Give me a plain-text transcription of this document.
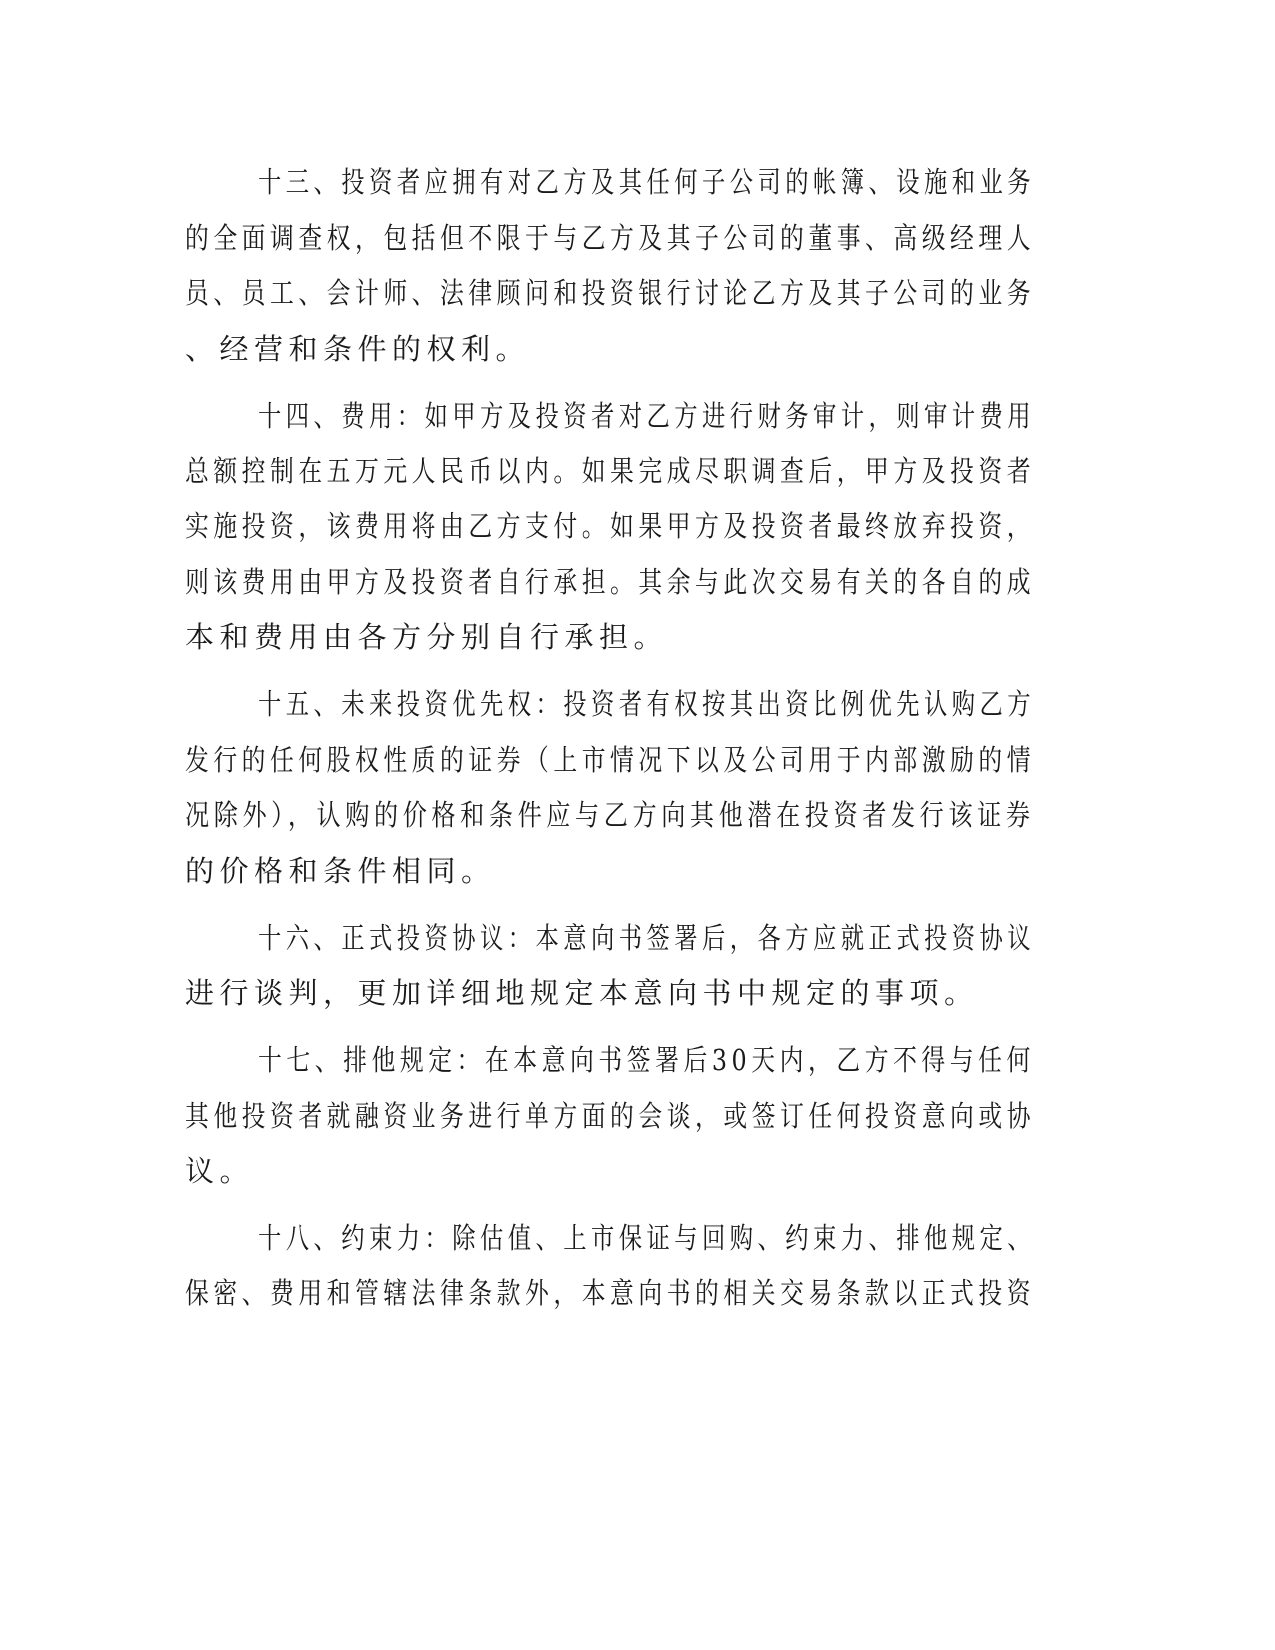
十三、投资者应拥有对乙方及其任何子公司的帐簿、设施和业务
的全面调查权，包括但不限于与乙方及其子公司的董事、高级经理人
员、员工、会计师、法律顾问和投资银行讨论乙方及其子公司的业务
、经营和条件的权利。
十四、费用：如甲方及投资者对乙方进行财务审计，则审计费用
总额控制在五万元人民币以内。如果完成尽职调查后，甲方及投资者
实施投资，该费用将由乙方支付。如果甲方及投资者最终放弃投资，
则该费用由甲方及投资者自行承担。其余与此次交易有关的各自的成
本和费用由各方分别自行承担。
十五、未来投资优先权：投资者有权按其出资比例优先认购乙方
发行的任何股权性质的证券（上市情况下以及公司用于内部激励的情
况除外），认购的价格和条件应与乙方向其他潜在投资者发行该证券
的价格和条件相同。
十六、正式投资协议：本意向书签署后，各方应就正式投资协议
进行谈判，更加详细地规定本意向书中规定的事项。
十七、排他规定：在本意向书签署后30天内，乙方不得与任何
其他投资者就融资业务进行单方面的会谈，或签订任何投资意向或协
议。
十八、约束力：除估值、上市保证与回购、约束力、排他规定、
保密、费用和管辖法律条款外，本意向书的相关交易条款以正式投资
